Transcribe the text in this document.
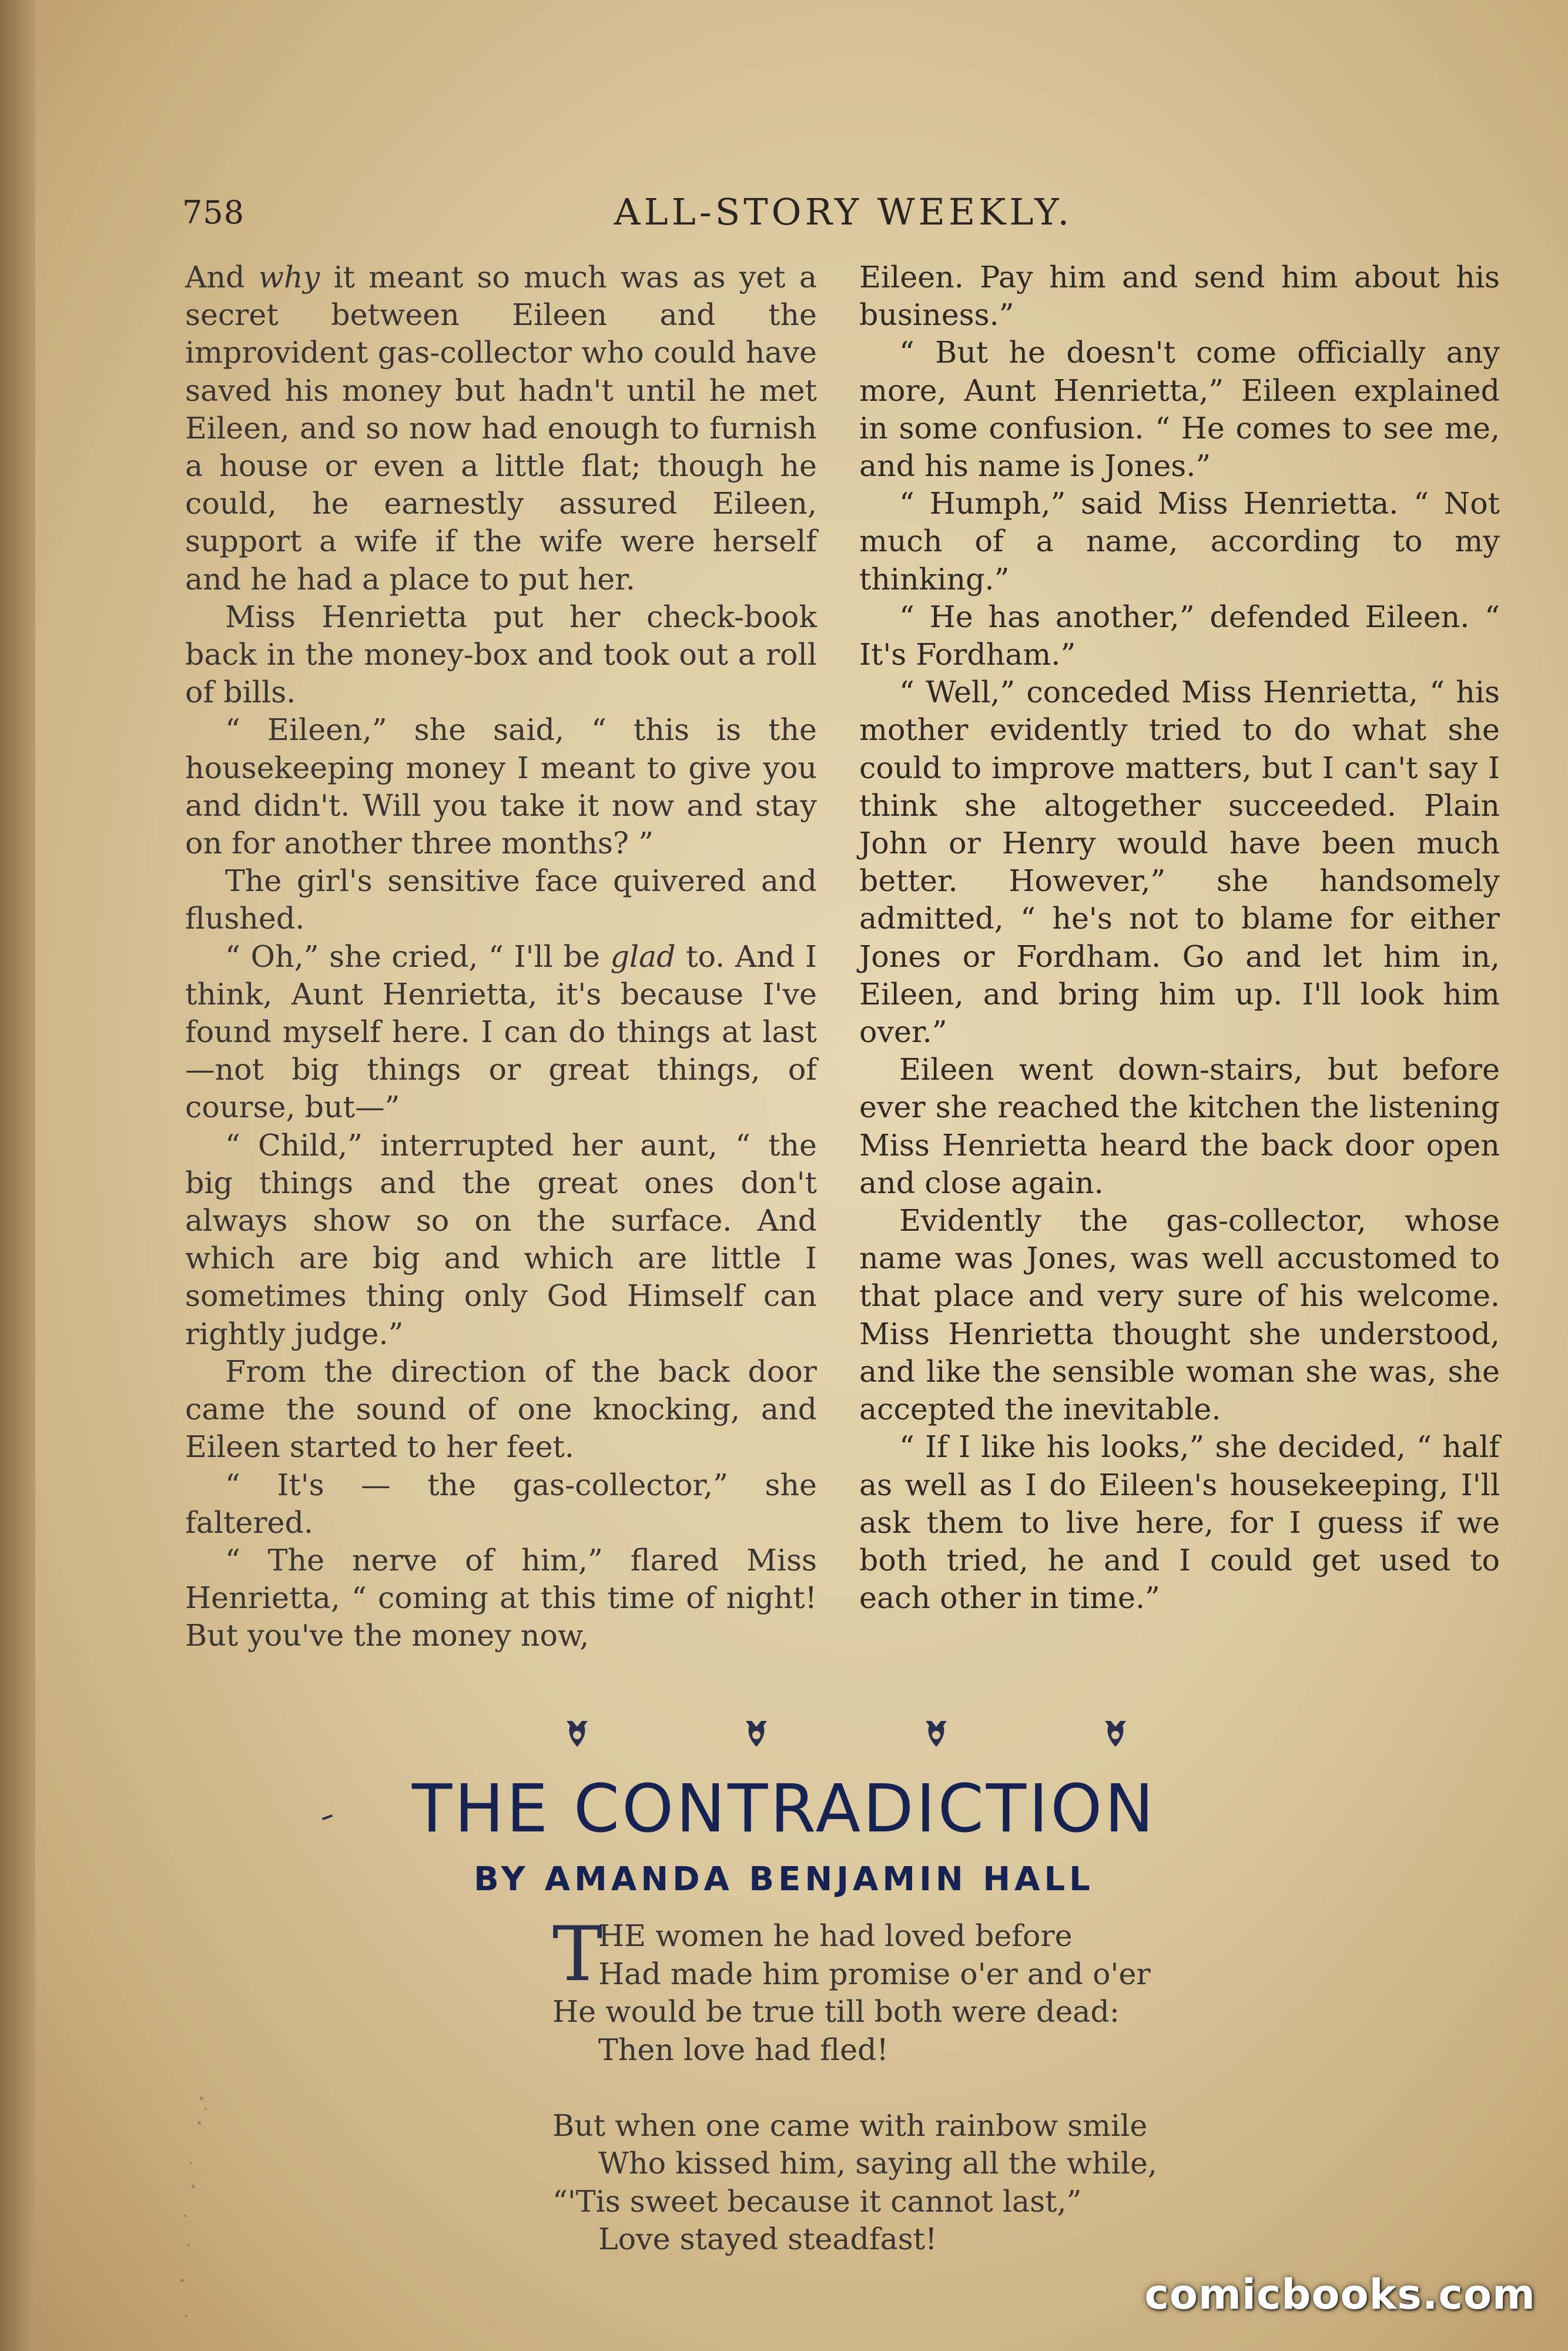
758	ALL-STORY WEEKLY.

And why it meant so much was as yet a secret between Eileen and the improvident gas-collector who could have saved his money but hadn't until he met Eileen, and so now had enough to furnish a house or even a little flat; though he could, he earnestly assured Eileen, support a wife if the wife were herself and he had a place to put her.

Miss Henrietta put her check-book back in the money-box and took out a roll of bills.

“ Eileen,” she said, “ this is the housekeeping money I meant to give you and didn't. Will you take it now and stay on for another three months? ”

The girl's sensitive face quivered and flushed.

“ Oh,” she cried, “ I'll be glad to. And I think, Aunt Henrietta, it's because I've found myself here. I can do things at last—not big things or great things, of course, but—”

“ Child,” interrupted her aunt, “ the big things and the great ones don't always show so on the surface. And which are big and which are little I sometimes thing only God Himself can rightly judge.”

From the direction of the back door came the sound of one knocking, and Eileen started to her feet.

“ It's — the gas-collector,” she faltered.

“ The nerve of him,” flared Miss Henrietta, “ coming at this time of night! But you've the money now,

Eileen. Pay him and send him about his business.”

“ But he doesn't come officially any more, Aunt Henrietta,” Eileen explained in some confusion. “ He comes to see me, and his name is Jones.”

“ Humph,” said Miss Henrietta. “ Not much of a name, according to my thinking.”

“ He has another,” defended Eileen. “ It's Fordham.”

“ Well,” conceded Miss Henrietta, “ his mother evidently tried to do what she could to improve matters, but I can't say I think she altogether succeeded. Plain John or Henry would have been much better. However,” she handsomely admitted, “ he's not to blame for either Jones or Fordham. Go and let him in, Eileen, and bring him up. I'll look him over.”

Eileen went down-stairs, but before ever she reached the kitchen the listening Miss Henrietta heard the back door open and close again.

Evidently the gas-collector, whose name was Jones, was well accustomed to that place and very sure of his welcome. Miss Henrietta thought she understood, and like the sensible woman she was, she accepted the inevitable.

“ If I like his looks,” she decided, “ half as well as I do Eileen's housekeeping, I'll ask them to live here, for I guess if we both tried, he and I could get used to each other in time.”

THE CONTRADICTION
BY AMANDA BENJAMIN HALL
T
HE women he had loved before
Had made him promise o'er and o'er
He would be true till both were dead:
Then love had fled!
But when one came with rainbow smile
Who kissed him, saying all the while,
“'Tis sweet because it cannot last,”
Love stayed steadfast!
comicbooks.com
